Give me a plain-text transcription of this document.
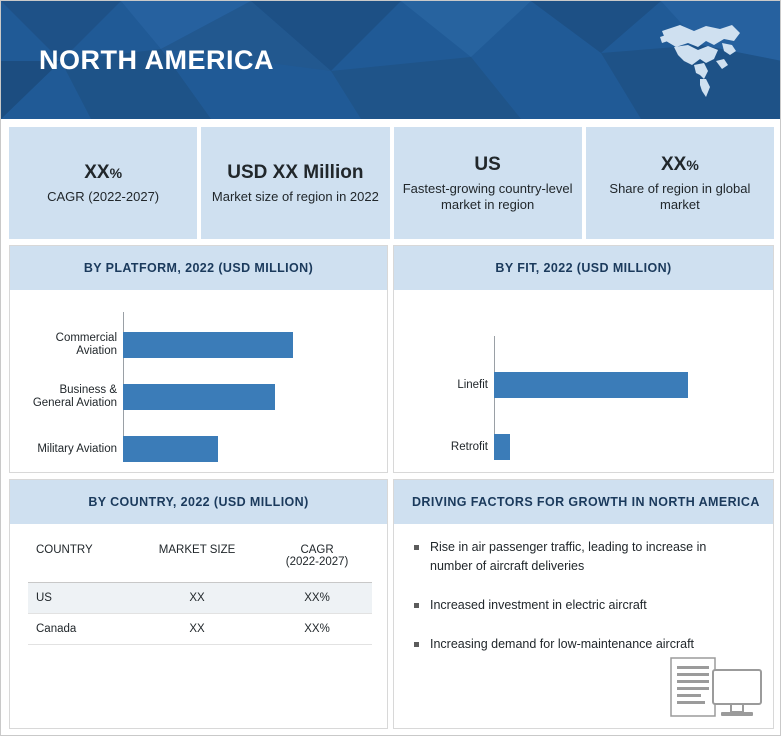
NORTH AMERICA
XX%
CAGR (2022-2027)
USD XX Million
Market size of region in 2022
US
Fastest-growing country-level market in region
XX%
Share of region in global market
BY PLATFORM, 2022 (USD MILLION)
Commercial
Aviation
Business &
General Aviation
Military Aviation
BY FIT, 2022 (USD MILLION)
Linefit
Retrofit
BY COUNTRY, 2022 (USD MILLION)
COUNTRY	MARKET SIZE	CAGR
(2022-2027)
US	XX	XX%
Canada	XX	XX%
DRIVING FACTORS FOR GROWTH IN NORTH AMERICA
Rise in air passenger traffic, leading to increase in number of aircraft deliveries
Increased investment in electric aircraft
Increasing demand for low-maintenance aircraft
